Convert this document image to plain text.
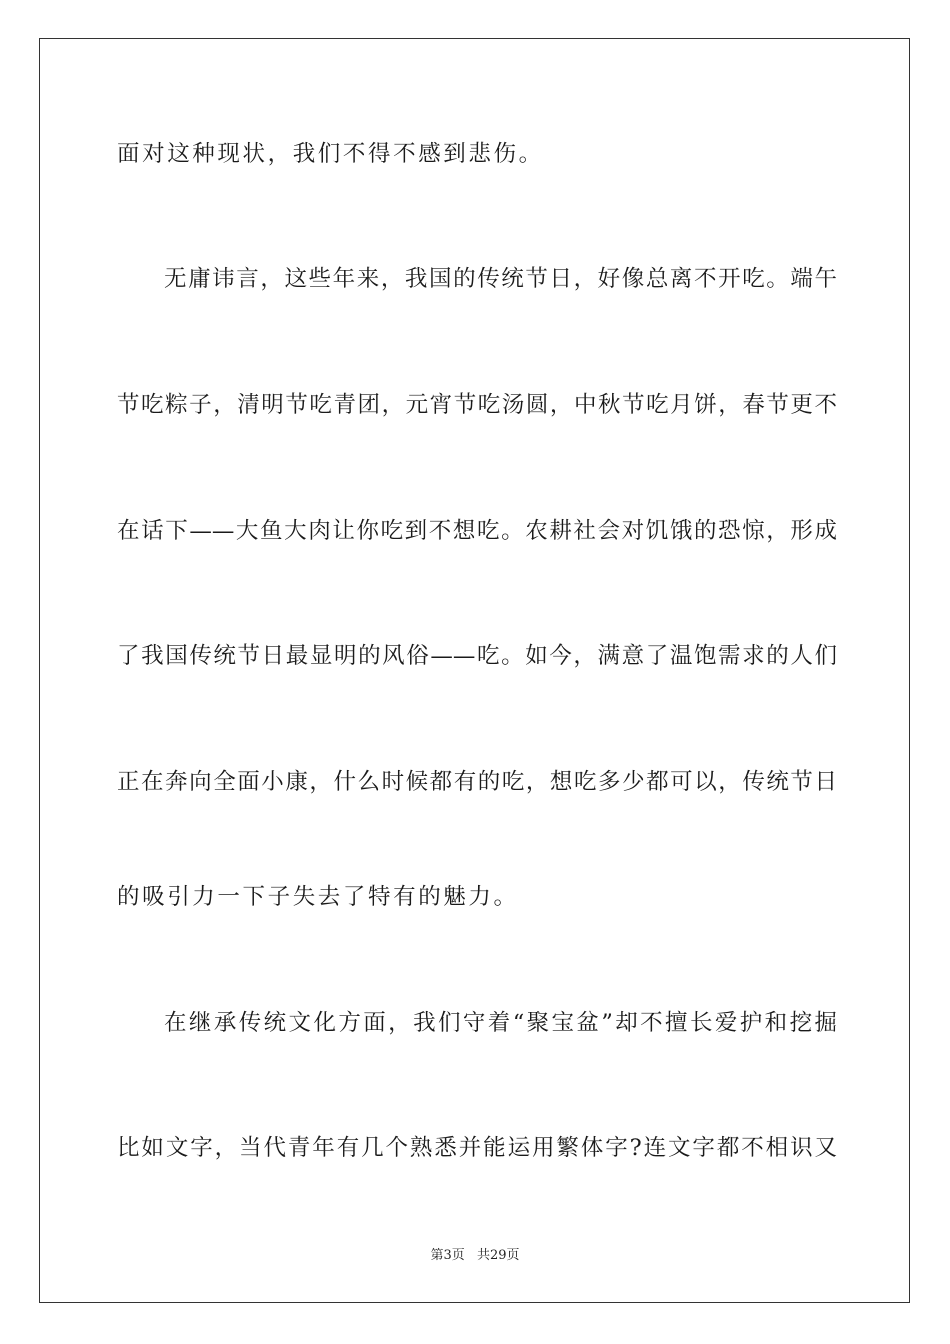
面对这种现状，我们不得不感到悲伤。
无庸讳言，这些年来，我国的传统节日，好像总离不开吃。端午
节吃粽子，清明节吃青团，元宵节吃汤圆，中秋节吃月饼，春节更不
在话下——大鱼大肉让你吃到不想吃。农耕社会对饥饿的恐惊，形成
了我国传统节日最显明的风俗——吃。如今，满意了温饱需求的人们
正在奔向全面小康，什么时候都有的吃，想吃多少都可以，传统节日
的吸引力一下子失去了特有的魅力。
在继承传统文化方面，我们守着“聚宝盆”却不擅长爱护和挖掘
比如文字，当代青年有几个熟悉并能运用繁体字?连文字都不相识又
第3页 共29页
